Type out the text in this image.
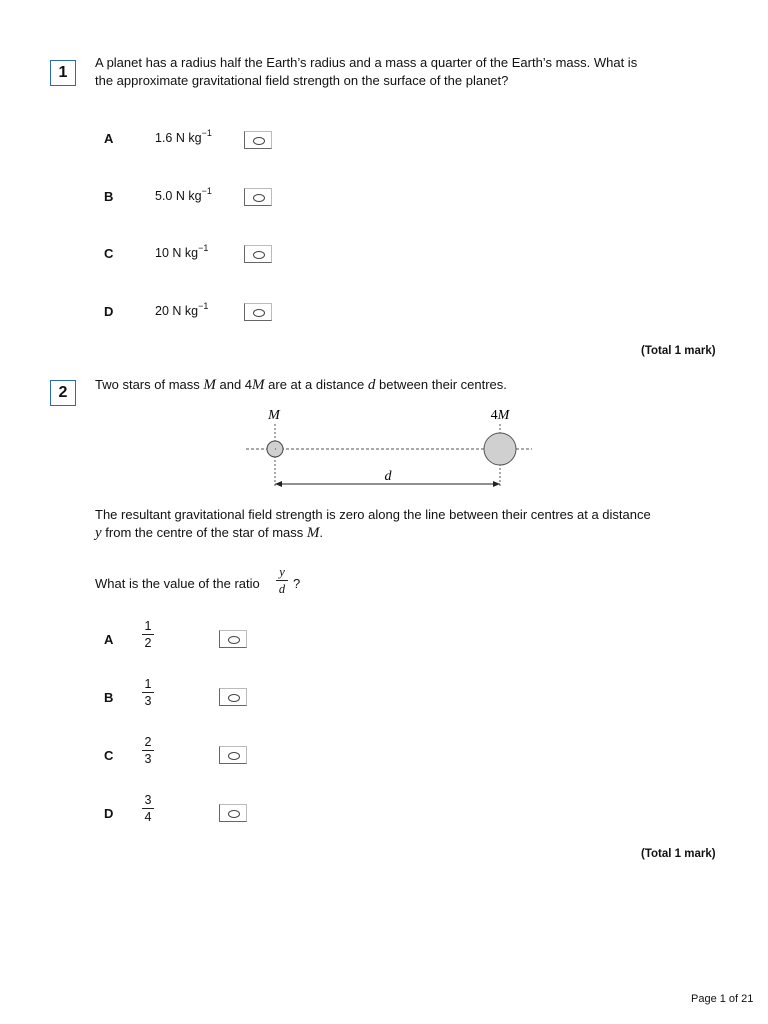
1
A planet has a radius half the Earth’s radius and a mass a quarter of the Earth’s mass. What is
the approximate gravitational field strength on the surface of the planet?
A	1.6 N $kg^{-1}$
B	5.0 N $kg^{-1}$
C	10 N $kg^{-1}$
D	20 N $kg^{-1}$
(Total 1 mark)
2	Two stars of mass M and 4M are at a distance d between their centres.
M	4M
d
The resultant gravitational field strength is zero along the line between their centres at a distance
y from the centre of the star of mass M.
What is the value of the ratio
y
d ?
A
1
2
B
1
3
C
2
3
D
3
4
(Total 1 mark)
Page 1 of 21
